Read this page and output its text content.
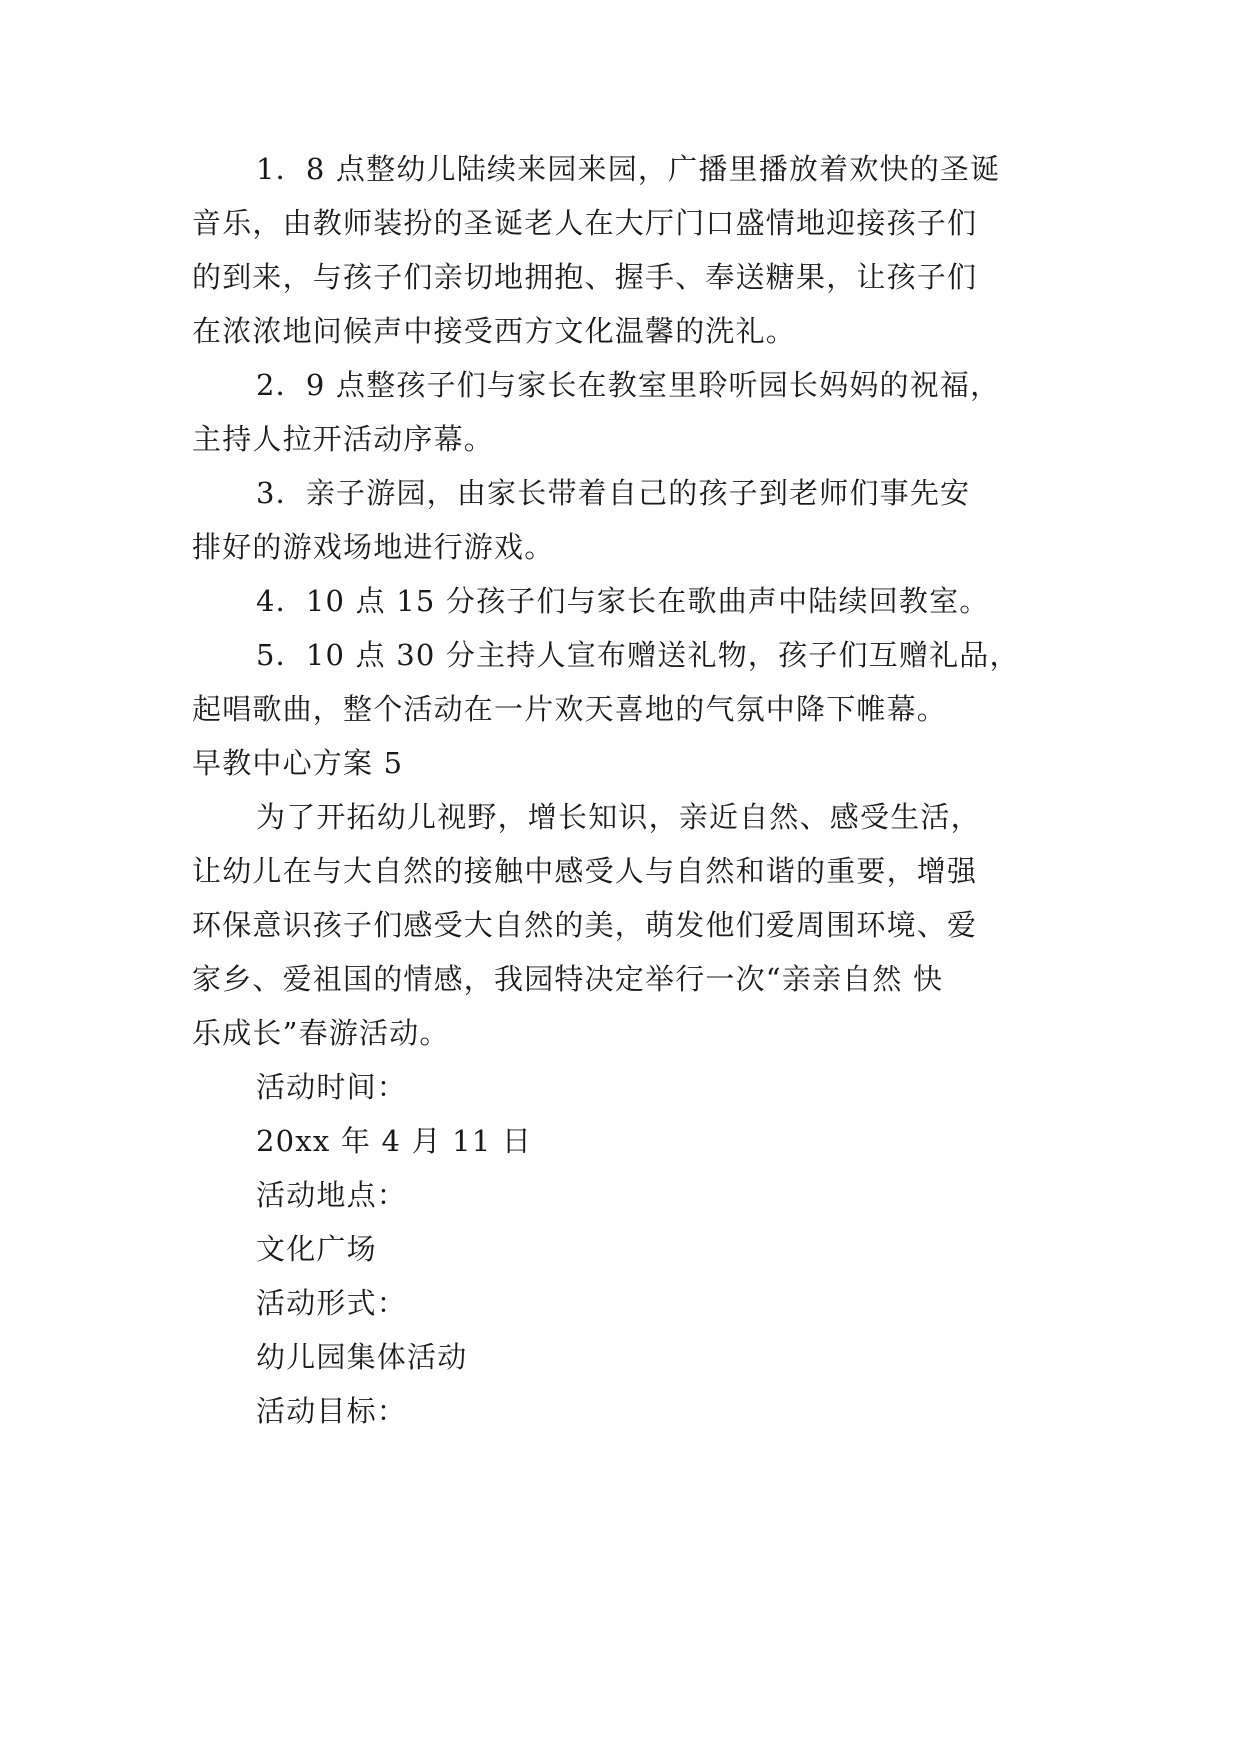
1．8 点整幼儿陆续来园来园，广播里播放着欢快的圣诞
音乐，由教师装扮的圣诞老人在大厅门口盛情地迎接孩子们
的到来，与孩子们亲切地拥抱、握手、奉送糖果，让孩子们
在浓浓地问候声中接受西方文化温馨的洗礼。
2．9 点整孩子们与家长在教室里聆听园长妈妈的祝福，
主持人拉开活动序幕。
3．亲子游园，由家长带着自己的孩子到老师们事先安
排好的游戏场地进行游戏。
4．10 点 15 分孩子们与家长在歌曲声中陆续回教室。
5．10 点 30 分主持人宣布赠送礼物，孩子们互赠礼品，
起唱歌曲，整个活动在一片欢天喜地的气氛中降下帷幕。
早教中心方案 5
为了开拓幼儿视野，增长知识，亲近自然、感受生活，
让幼儿在与大自然的接触中感受人与自然和谐的重要，增强
环保意识孩子们感受大自然的美，萌发他们爱周围环境、爱
家乡、爱祖国的情感，我园特决定举行一次“亲亲自然 快
乐成长”春游活动。
活动时间：
20xx 年 4 月 11 日
活动地点：
文化广场
活动形式：
幼儿园集体活动
活动目标：
